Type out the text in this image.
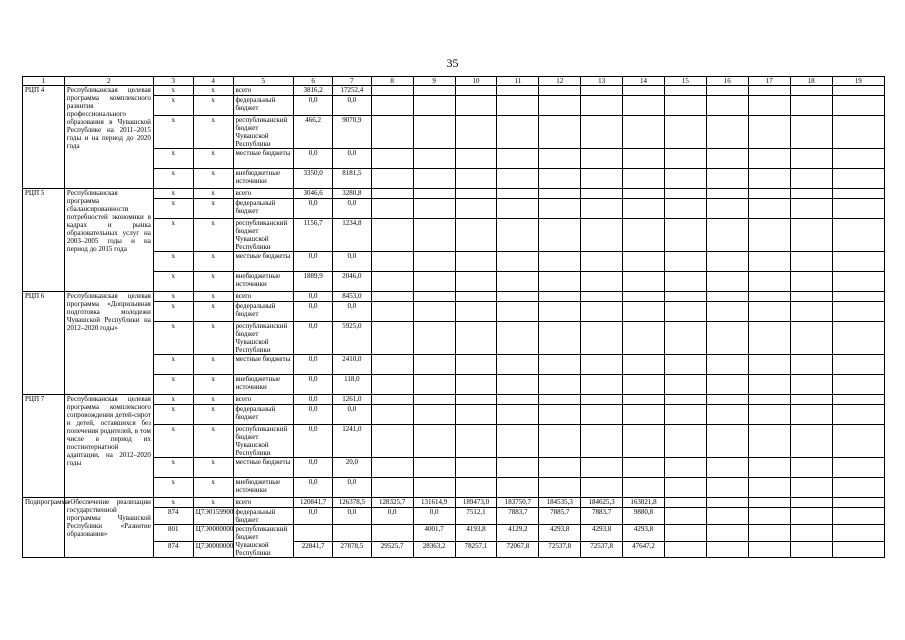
35
1	2	3	4	5	6	7	8	9	10	11	12	13	14	15	16	17	18	19
РЦП 4	Республиканская целевая программа комплексного развития профессионального образования в Чувашской Республике на 2011–2015 годы и на период до 2020 года	х	х	всего	3816,2	17252,4												
		х	х	федеральный бюджет	0,0	0,0												
		х	х	республиканский бюджет Чувашской Республики	466,2	9070,9												
		х	х	местные бюджеты	0,0	0,0												
		х	х	внебюджетные источники	3350,0	8181,5												
РЦП 5	Республиканская программа сбалансированности потребностей экономики в кадрах и рынка образовательных услуг на 2003–2005 годы и на период до 2015 года	х	х	всего	3046,6	3280,8												
		х	х	федеральный бюджет	0,0	0,0												
		х	х	республиканский бюджет Чувашской Республики	1156,7	1234,8												
		х	х	местные бюджеты	0,0	0,0												
		х	х	внебюджетные источники	1889,9	2046,0												
РЦП 6	Республиканская целевая программа «Допризывная подготовка молодежи Чувашской Республики на 2012–2020 годы»	х	х	всего	0,0	8453,0												
		х	х	федеральный бюджет	0,0	0,0												
		х	х	республиканский бюджет Чувашской Республики	0,0	5925,0												
		х	х	местные бюджеты	0,0	2410,0												
		х	х	внебюджетные источники	0,0	118,0												
РЦП 7	Республиканская целевая программа комплексного сопровождения детей-сирот и детей, оставшихся без попечения родителей, в том числе в период их постинтернатной адаптации, на 2012–2020 годы	х	х	всего	0,0	1261,0												
		х	х	федеральный бюджет	0,0	0,0												
		х	х	республиканский бюджет Чувашской Республики	0,0	1241,0												
		х	х	местные бюджеты	0,0	20,0												
		х	х	внебюджетные источники	0,0	0,0												
Подпрограмма	«Обеспечение реализации государственной программы Чувашской Республики «Развитие образования»	х	х	всего	120841,7	126378,5	128325,7	131614,9	189473,0	183750,7	184535,3	184625,3	163821,8					
		874	Ц7Э0159900	федеральный бюджет	0,0	0,0	0,0	0,0	7512,1	7883,7	7885,7	7883,7	9880,8					
		801	Ц7Э0000000	республиканский бюджет Чувашской Республики				4001,7	4193,8	4129,2	4293,8	4293,8	4293,8					
		874	Ц7Э0000000		22841,7	27878,5	29525,7	28363,2	78257,1	72067,8	72537,8	72537,8	47647,2					
